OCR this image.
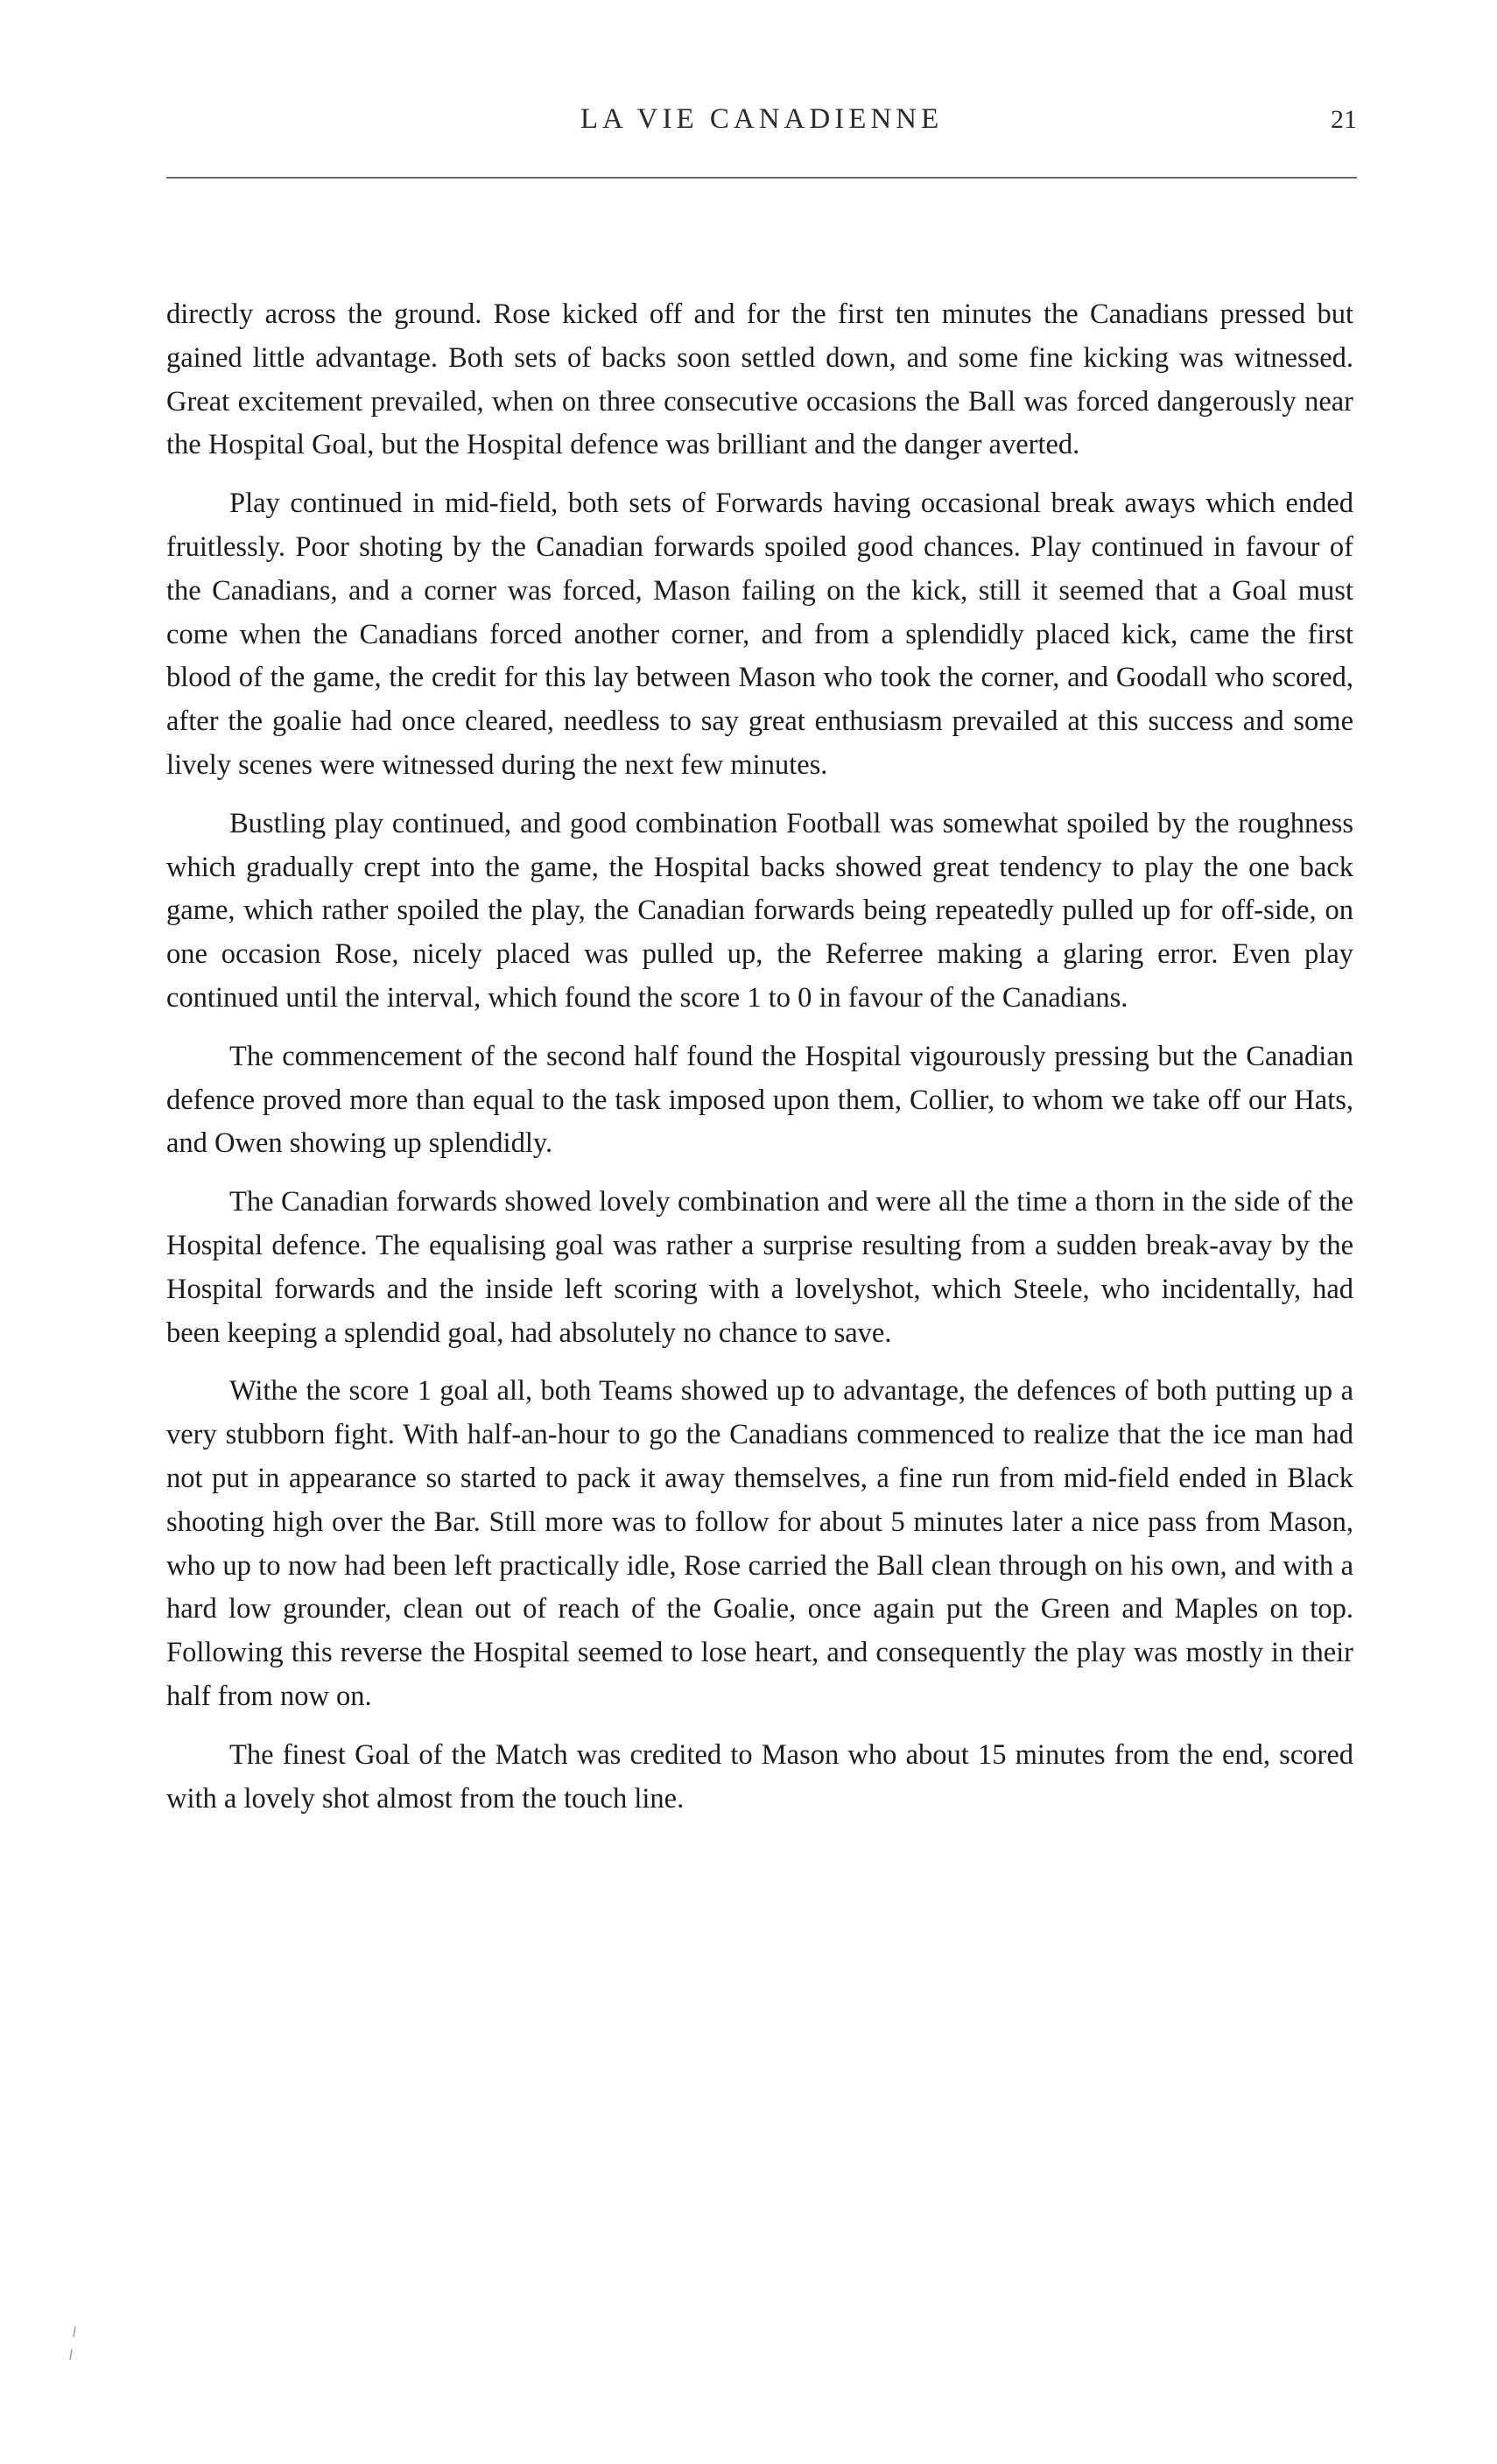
LA VIE CANADIENNE	21

directly across the ground. Rose kicked off and for the first ten minutes the Canadians pressed but gained little advantage. Both sets of backs soon settled down, and some fine kicking was witnessed. Great excitement prevailed, when on three consecutive occasions the Ball was forced dangerously near the Hospital Goal, but the Hospital defence was brilliant and the danger averted.

Play continued in mid-field, both sets of Forwards having occasional break aways which ended fruitlessly. Poor shoting by the Canadian forwards spoiled good chances. Play continued in favour of the Canadians, and a corner was forced, Mason failing on the kick, still it seemed that a Goal must come when the Canadians forced another corner, and from a splendidly placed kick, came the first blood of the game, the credit for this lay between Mason who took the corner, and Goodall who scored, after the goalie had once cleared, needless to say great enthusiasm prevailed at this success and some lively scenes were witnessed during the next few minutes.

Bustling play continued, and good combination Football was somewhat spoiled by the roughness which gradually crept into the game, the Hospital backs showed great tendency to play the one back game, which rather spoiled the play, the Canadian forwards being repeatedly pulled up for off-side, on one occasion Rose, nicely placed was pulled up, the Referree making a glaring error. Even play continued until the interval, which found the score 1 to 0 in favour of the Canadians.

The commencement of the second half found the Hospital vigourously pressing but the Canadian defence proved more than equal to the task imposed upon them, Collier, to whom we take off our Hats, and Owen showing up splendidly.

The Canadian forwards showed lovely combination and were all the time a thorn in the side of the Hospital defence. The equalising goal was rather a surprise resulting from a sudden break-avay by the Hospital forwards and the inside left scoring with a lovelyshot, which Steele, who incidentally, had been keeping a splendid goal, had absolutely no chance to save.

Withe the score 1 goal all, both Teams showed up to advantage, the defences of both putting up a very stubborn fight. With half-an-hour to go the Canadians commenced to realize that the ice man had not put in appearance so started to pack it away themselves, a fine run from mid-field ended in Black shooting high over the Bar. Still more was to follow for about 5 minutes later a nice pass from Mason, who up to now had been left practically idle, Rose carried the Ball clean through on his own, and with a hard low grounder, clean out of reach of the Goalie, once again put the Green and Maples on top. Following this reverse the Hospital seemed to lose heart, and consequently the play was mostly in their half from now on.

The finest Goal of the Match was credited to Mason who about 15 minutes from the end, scored with a lovely shot almost from the touch line.
